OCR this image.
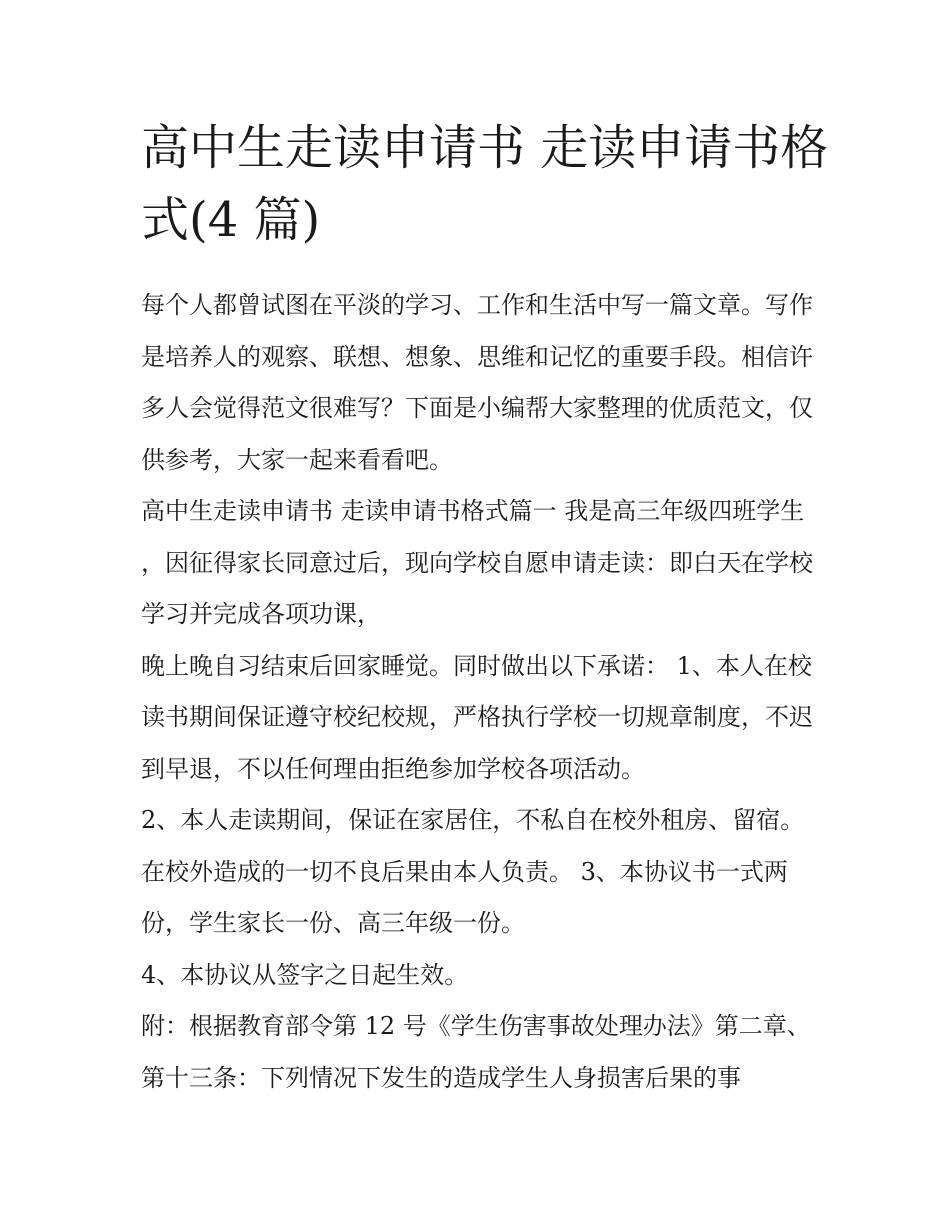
高中生走读申请书 走读申请书格式(4 篇)

每个人都曾试图在平淡的学习、工作和生活中写一篇文章。写作是培养人的观察、联想、想象、思维和记忆的重要手段。相信许多人会觉得范文很难写？下面是小编帮大家整理的优质范文，仅供参考，大家一起来看看吧。

高中生走读申请书 走读申请书格式篇一 我是高三年级四班学生 ，因征得家长同意过后，现向学校自愿申请走读：即白天在学校学习并完成各项功课，

晚上晚自习结束后回家睡觉。同时做出以下承诺： 1、本人在校读书期间保证遵守校纪校规，严格执行学校一切规章制度，不迟到早退，不以任何理由拒绝参加学校各项活动。

2、本人走读期间，保证在家居住，不私自在校外租房、留宿。在校外造成的一切不良后果由本人负责。 3、本协议书一式两份，学生家长一份、高三年级一份。

4、本协议从签字之日起生效。

附：根据教育部令第 12 号《学生伤害事故处理办法》第二章、第十三条：下列情况下发生的造成学生人身损害后果的事
